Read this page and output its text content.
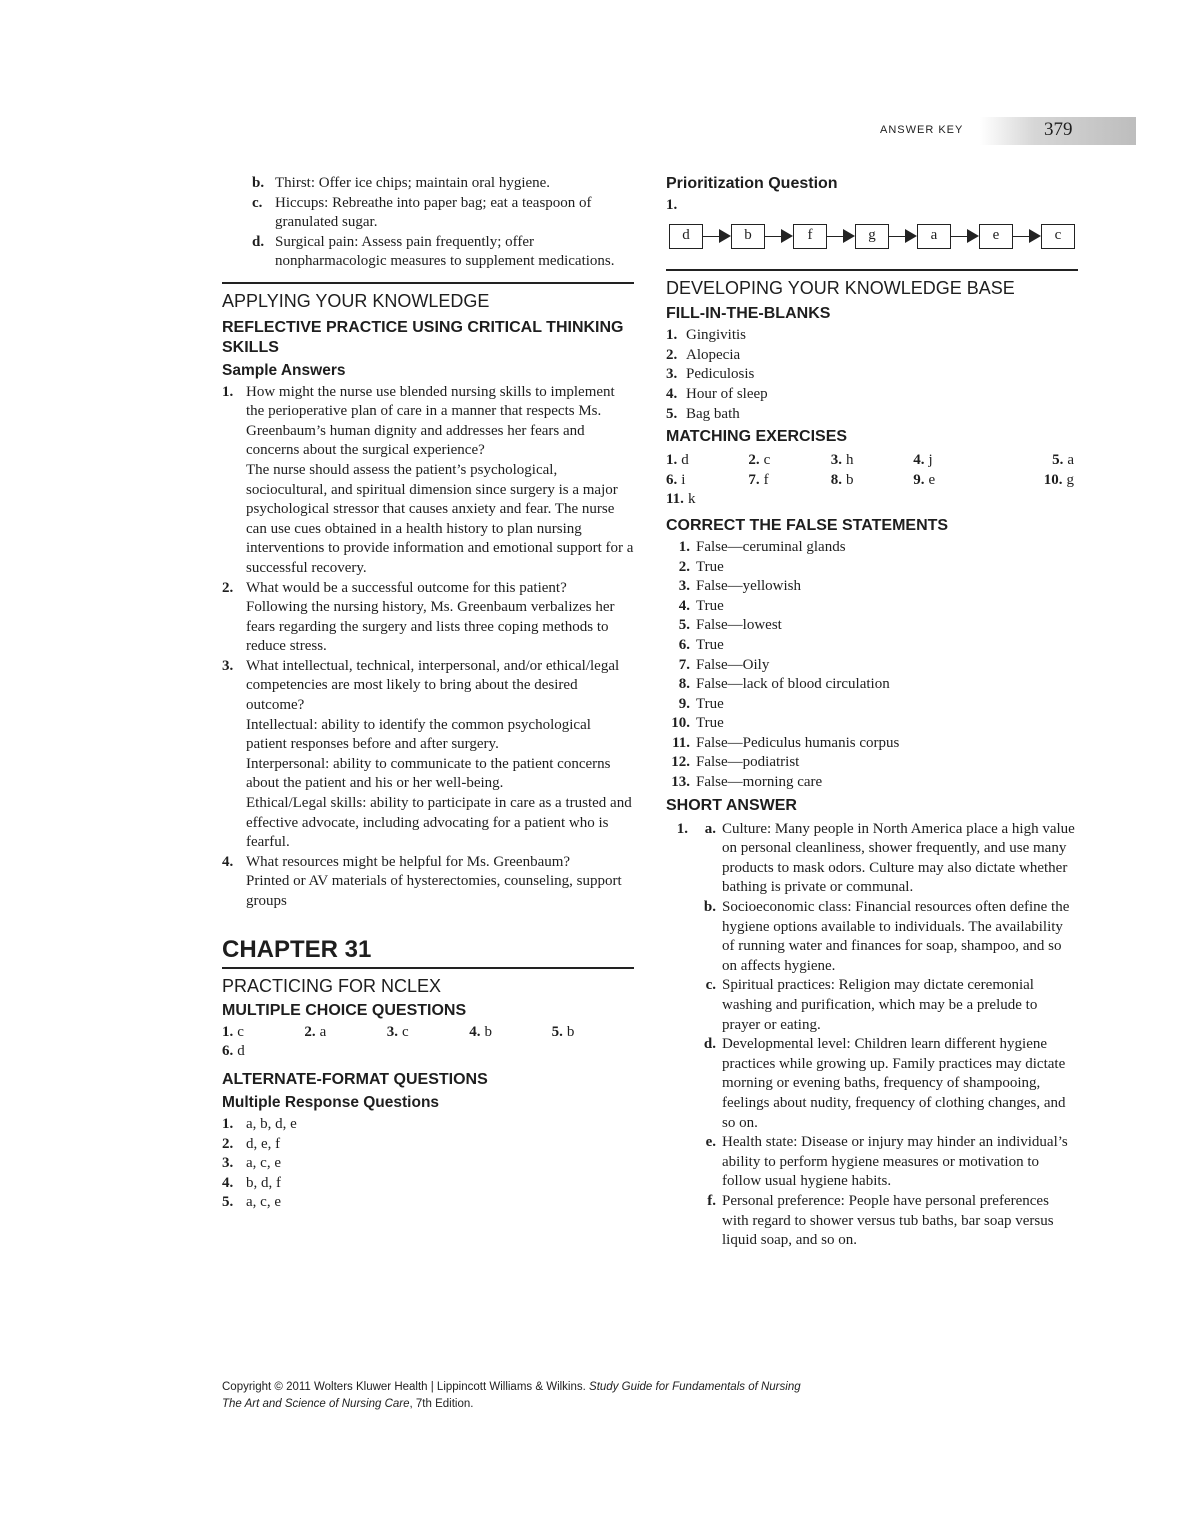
ANSWER KEY	379
b. Thirst: Offer ice chips; maintain oral hygiene.
c. Hiccups: Rebreathe into paper bag; eat a teaspoon of granulated sugar.
d. Surgical pain: Assess pain frequently; offer nonpharmacologic measures to supplement medications.
APPLYING YOUR KNOWLEDGE
REFLECTIVE PRACTICE USING CRITICAL THINKING SKILLS
Sample Answers
1. How might the nurse use blended nursing skills to implement the perioperative plan of care in a manner that respects Ms. Greenbaum’s human dignity and addresses her fears and concerns about the surgical experience?
The nurse should assess the patient’s psychological, sociocultural, and spiritual dimension since surgery is a major psychological stressor that causes anxiety and fear. The nurse can use cues obtained in a health history to plan nursing interventions to provide information and emotional support for a successful recovery.
2. What would be a successful outcome for this patient?
Following the nursing history, Ms. Greenbaum verbalizes her fears regarding the surgery and lists three coping methods to reduce stress.
3. What intellectual, technical, interpersonal, and/or ethical/legal competencies are most likely to bring about the desired outcome?
Intellectual: ability to identify the common psychological patient responses before and after surgery.
Interpersonal: ability to communicate to the patient concerns about the patient and his or her well-being.
Ethical/Legal skills: ability to participate in care as a trusted and effective advocate, including advocating for a patient who is fearful.
4. What resources might be helpful for Ms. Greenbaum?
Printed or AV materials of hysterectomies, counseling, support groups
CHAPTER 31
PRACTICING FOR NCLEX
MULTIPLE CHOICE QUESTIONS
1. c	2. a	3. c	4. b	5. b
6. d
ALTERNATE-FORMAT QUESTIONS
Multiple Response Questions
1. a, b, d, e
2. d, e, f
3. a, c, e
4. b, d, f
5. a, c, e
Prioritization Question
1.
d	b	f	g	a	e	c
DEVELOPING YOUR KNOWLEDGE BASE
FILL-IN-THE-BLANKS
1. Gingivitis
2. Alopecia
3. Pediculosis
4. Hour of sleep
5. Bag bath
MATCHING EXERCISES
1. d	2. c	3. h	4. j	5. a
6. i	7. f	8. b	9. e	10. g
11. k
CORRECT THE FALSE STATEMENTS
1. False—ceruminal glands
2. True
3. False—yellowish
4. True
5. False—lowest
6. True
7. False—Oily
8. False—lack of blood circulation
9. True
10. True
11. False—Pediculus humanis corpus
12. False—podiatrist
13. False—morning care
SHORT ANSWER
1.	a. Culture: Many people in North America place a high value on personal cleanliness, shower frequently, and use many products to mask odors. Culture may also dictate whether bathing is private or communal.
b. Socioeconomic class: Financial resources often define the hygiene options available to individuals. The availability of running water and finances for soap, shampoo, and so on affects hygiene.
c. Spiritual practices: Religion may dictate ceremonial washing and purification, which may be a prelude to prayer or eating.
d. Developmental level: Children learn different hygiene practices while growing up. Family practices may dictate morning or evening baths, frequency of shampooing, feelings about nudity, frequency of clothing changes, and so on.
e. Health state: Disease or injury may hinder an individual’s ability to perform hygiene measures or motivation to follow usual hygiene habits.
f. Personal preference: People have personal preferences with regard to shower versus tub baths, bar soap versus liquid soap, and so on.
Copyright © 2011 Wolters Kluwer Health | Lippincott Williams & Wilkins. Study Guide for Fundamentals of Nursing
The Art and Science of Nursing Care, 7th Edition.
